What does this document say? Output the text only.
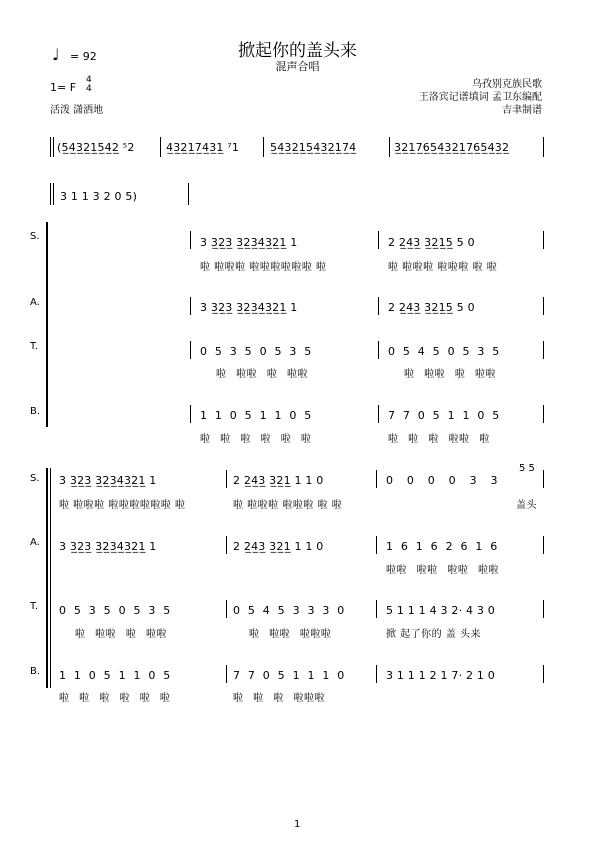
掀起你的盖头来
混声合唱
♩ = 92
1= F
4
4
活泼 潇洒地
乌孜别克族民歌
王洛宾记谱填词 孟卫东编配
吉聿制谱
(5̲4̲3̲2̲1̲5̲4̲2̲ ⁵2	4̲3̲2̲1̲7̲4̲3̲1̲ ⁷1	5̲4̲3̲2̲1̲5̲4̲3̲2̲1̲7̲4̲	3̲2̲1̲7̲6̲5̲4̲3̲2̲1̲7̲6̲5̲4̲3̲2̲
3 1 1 3 2 0 5)
S.
A.
T.
B.
3 3̲2̲3̲ 3̲2̲3̲4̲3̲2̲1̲ 1	2 2̲4̲3̲ 3̲2̲1̲5̲ 5 0
啦 啦啦啦 啦啦啦啦啦啦 啦	啦 啦啦啦 啦啦啦 啦 啦
3 3̲2̲3̲ 3̲2̲3̲4̲3̲2̲1̲ 1	2 2̲4̲3̲ 3̲2̲1̲5̲ 5 0
0 5 3 5 0 5 3 5	0 5 4 5 0 5 3 5
啦 啦啦 啦 啦啦	啦 啦啦 啦 啦啦
1 1 0 5 1 1 0 5	7 7 0 5 1 1 0 5
啦 啦 啦 啦 啦 啦	啦 啦 啦 啦啦 啦
S.
A.
T.
B.
3 3̲2̲3̲ 3̲2̲3̲4̲3̲2̲1̲ 1	2 2̲4̲3̲ 3̲2̲1̲ 1 1 0
5 5
0 0 0 0 3 3
啦 啦啦啦 啦啦啦啦啦啦 啦	啦 啦啦啦 啦啦啦 啦 啦	盖头
3 3̲2̲3̲ 3̲2̲3̲4̲3̲2̲1̲ 1	2 2̲4̲3̲ 3̲2̲1̲ 1 1 0	1 6 1 6 2 6 1 6
啦啦 啦啦 啦啦 啦啦
0 5 3 5 0 5 3 5	0 5 4 5 3 3 3 0	5 1 1 1 4 3 2· 4 3 0
啦 啦啦 啦 啦啦	啦 啦啦 啦啦啦	掀 起了你的 盖 头来
1 1 0 5 1 1 0 5	7 7 0 5 1 1 1 0	3 1 1 1 2 1 7· 2 1 0
啦 啦 啦 啦 啦 啦	啦 啦 啦 啦啦啦
1
